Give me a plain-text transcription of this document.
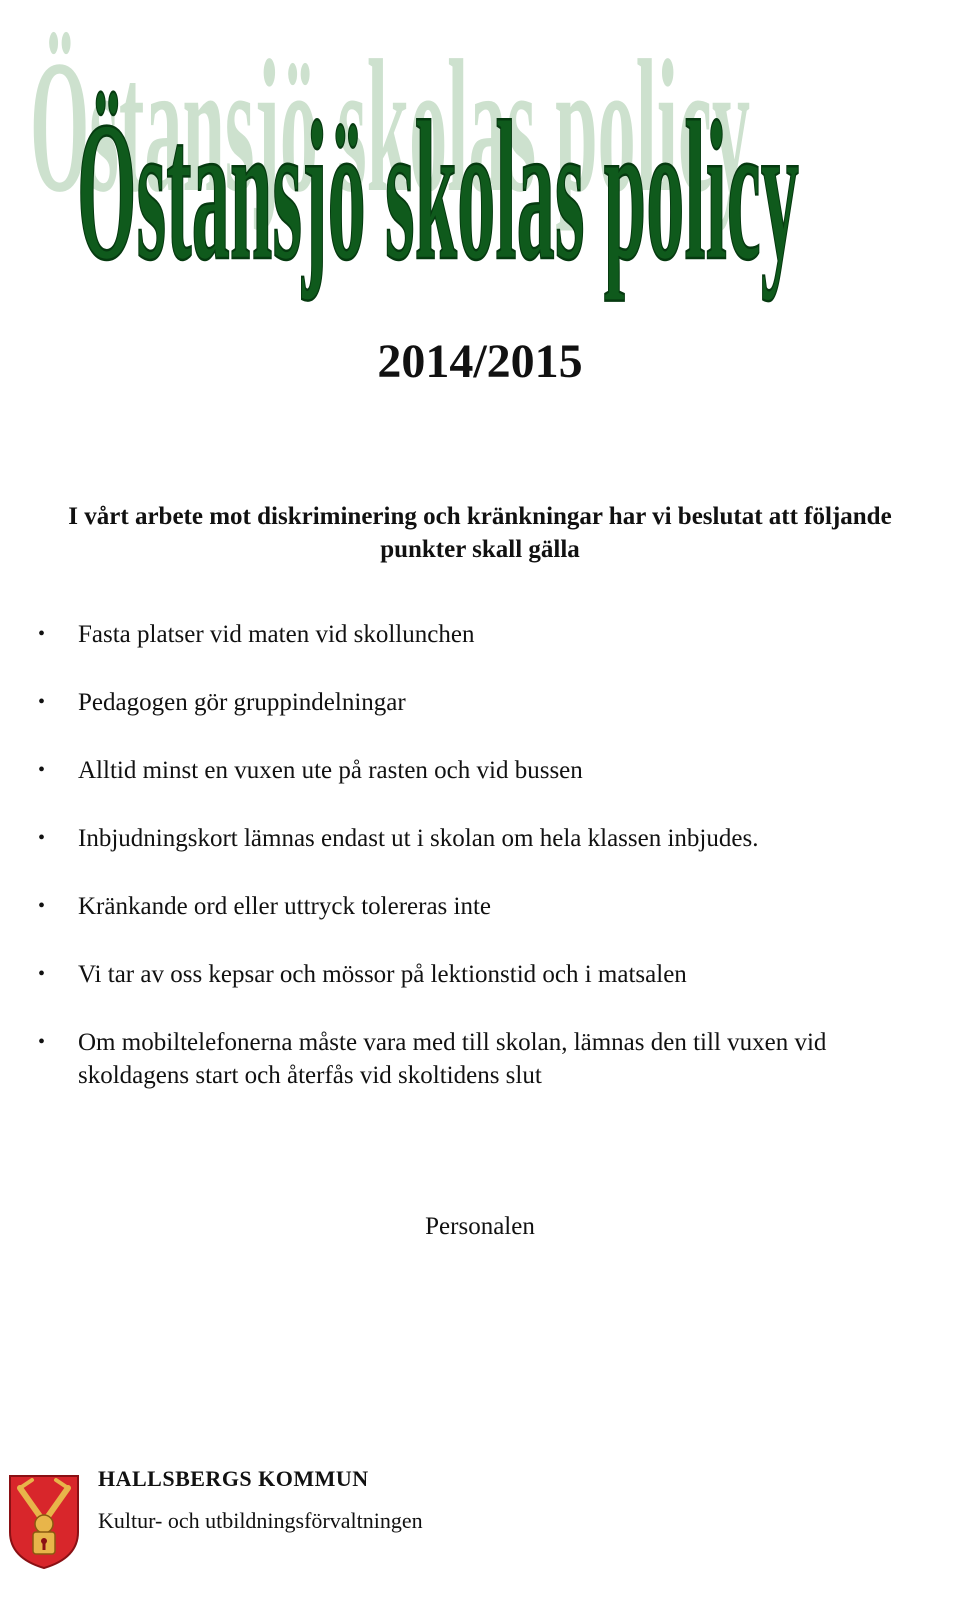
Östansjö skolas policy
Östansjö skolas policy
2014/2015
I vårt arbete mot diskriminering och kränkningar har vi beslutat att följande
punkter skall gälla
• Fasta platser vid maten vid skollunchen
• Pedagogen gör gruppindelningar
• Alltid minst en vuxen ute på rasten och vid bussen
• Inbjudningskort lämnas endast ut i skolan om hela klassen inbjudes.
• Kränkande ord eller uttryck tolereras inte
• Vi tar av oss kepsar och mössor på lektionstid och i matsalen
• Om mobiltelefonerna måste vara med till skolan, lämnas den till vuxen vid skoldagens start och återfås vid skoltidens slut
Personalen
HALLSBERGS KOMMUN
Kultur- och utbildningsförvaltningen
